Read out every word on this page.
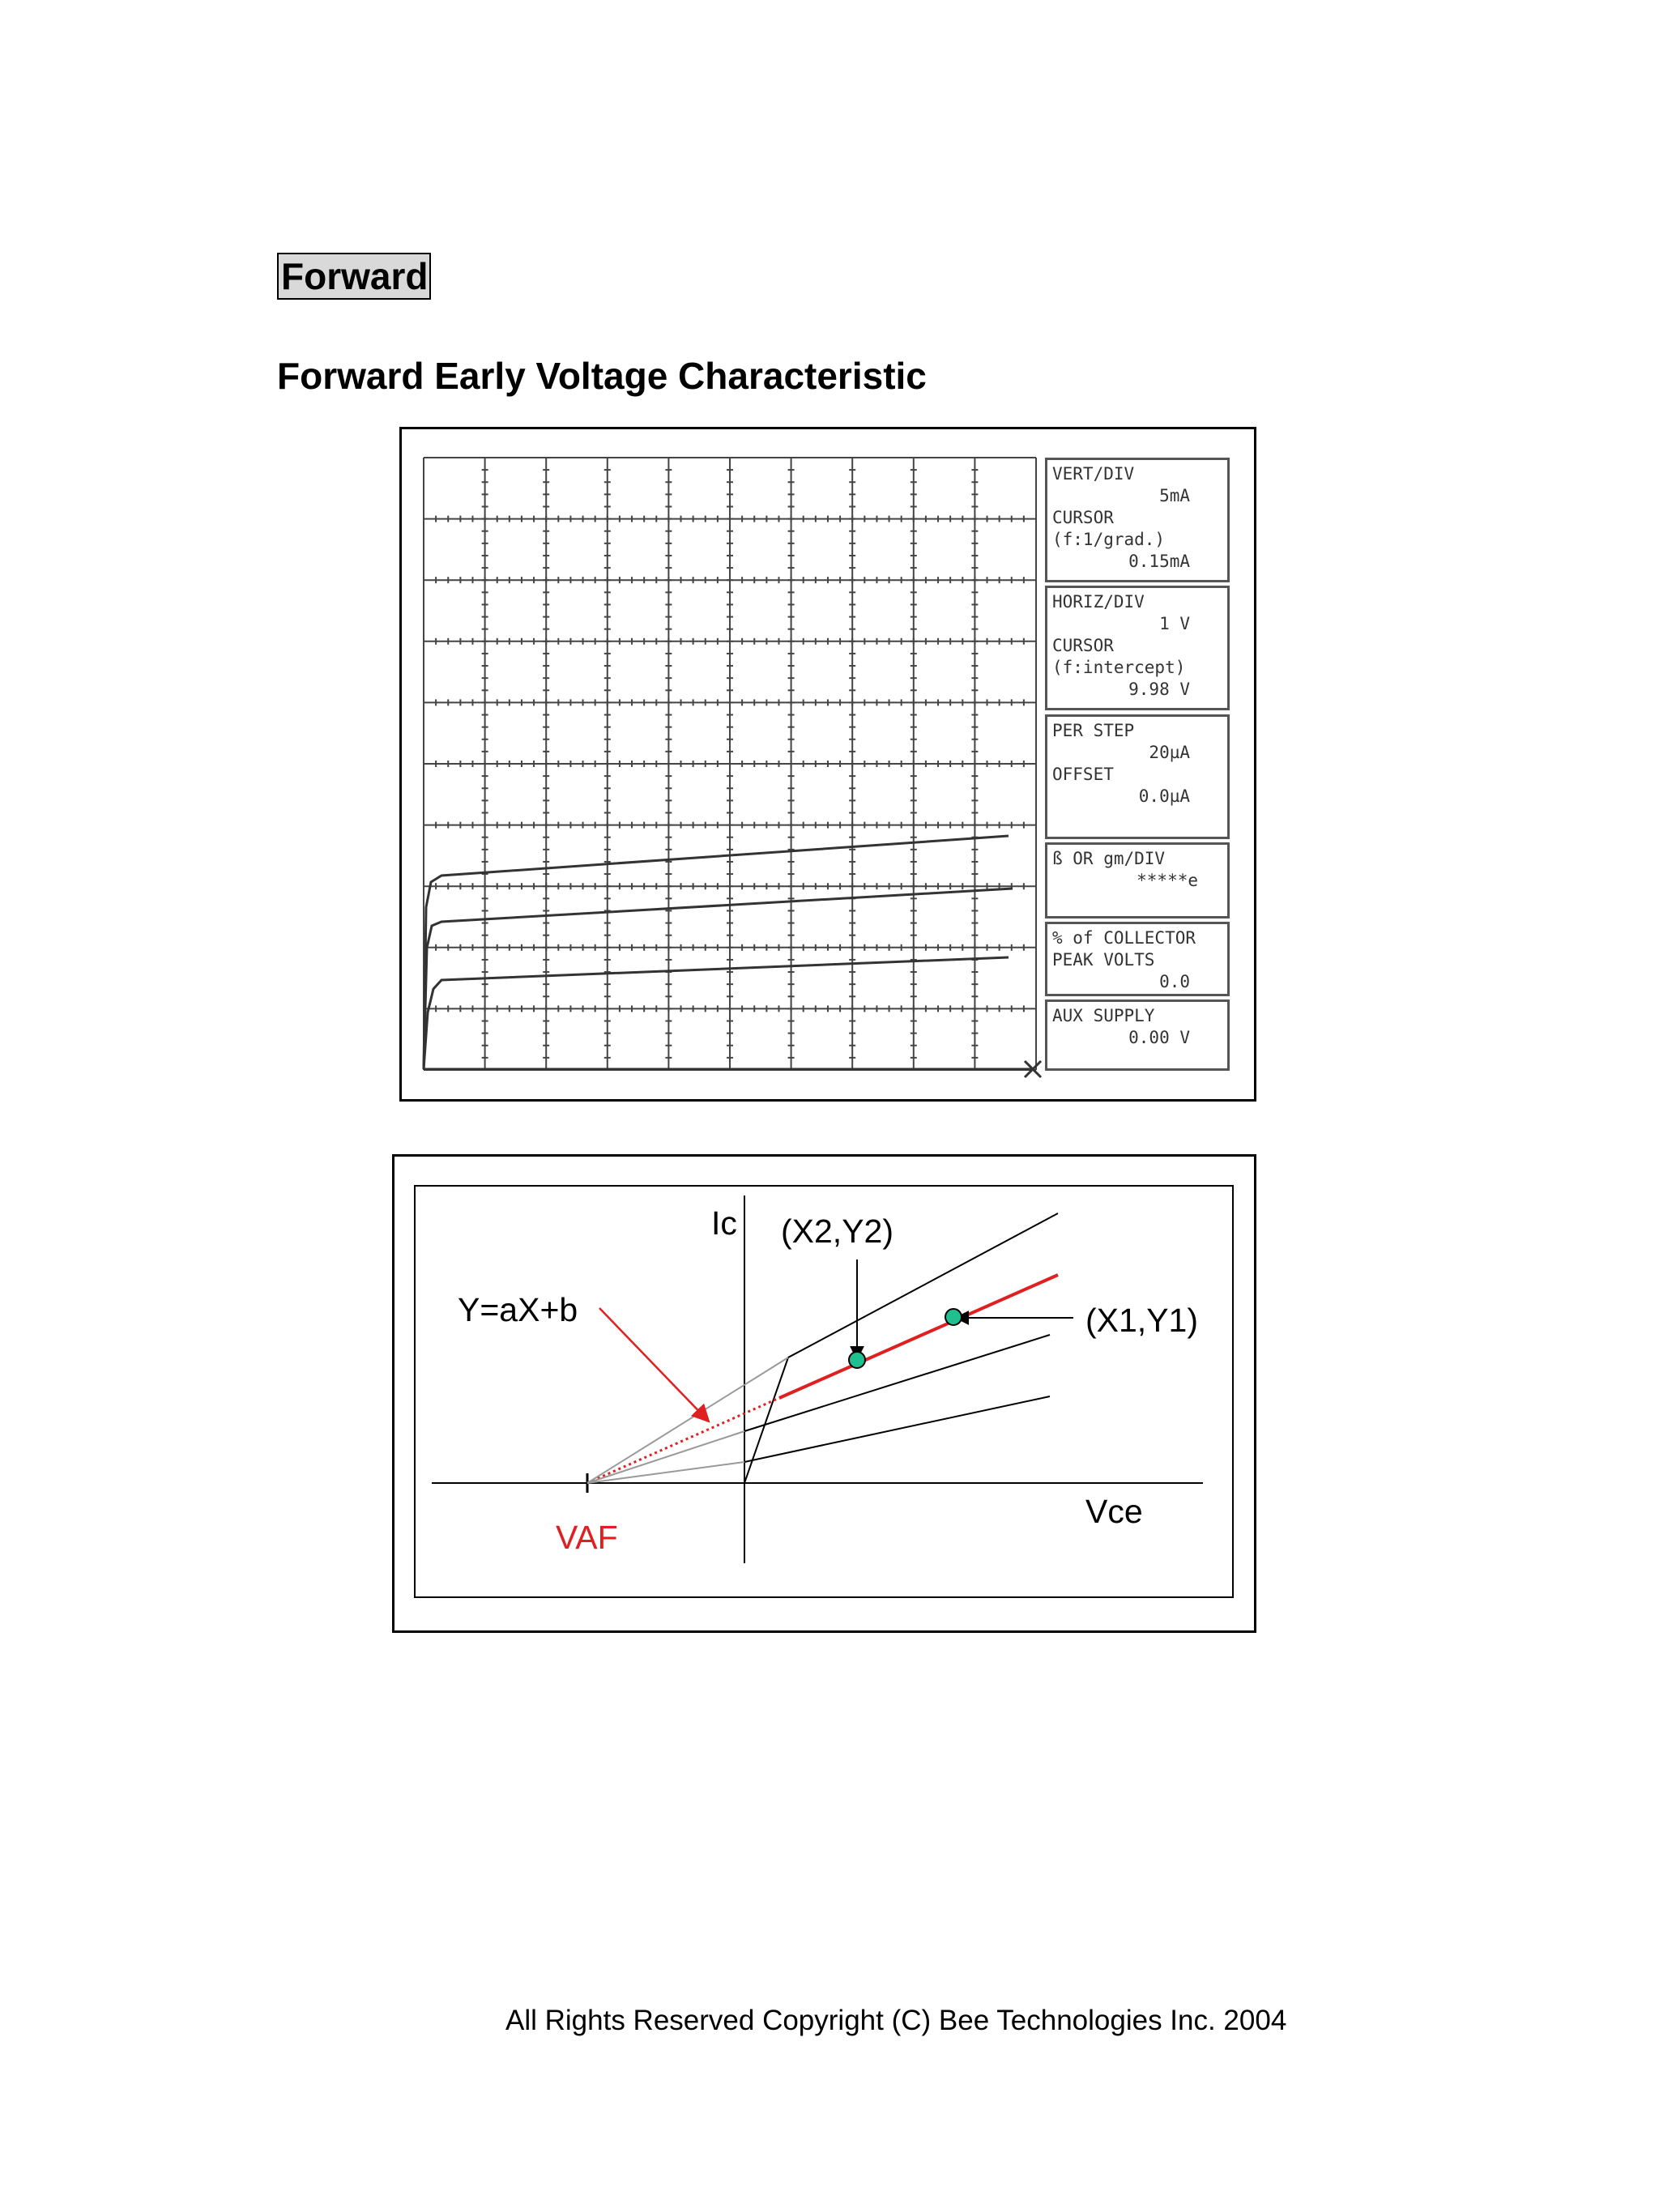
Forward
Forward Early Voltage Characteristic
VERT/DIV
5mA
CURSOR
(f:1/grad.)
0.15mA
HORIZ/DIV
1 V
CURSOR
(f:intercept)
9.98 V
PER STEP
20µA
OFFSET
0.0µA
ß OR gm/DIV
*****e
% of COLLECTOR
PEAK VOLTS
0.0
AUX SUPPLY
0.00 V
Ic (X2,Y2)
(X1,Y1)
Y=aX+b
Vce
VAF
All Rights Reserved Copyright (C) Bee Technologies Inc. 2004
